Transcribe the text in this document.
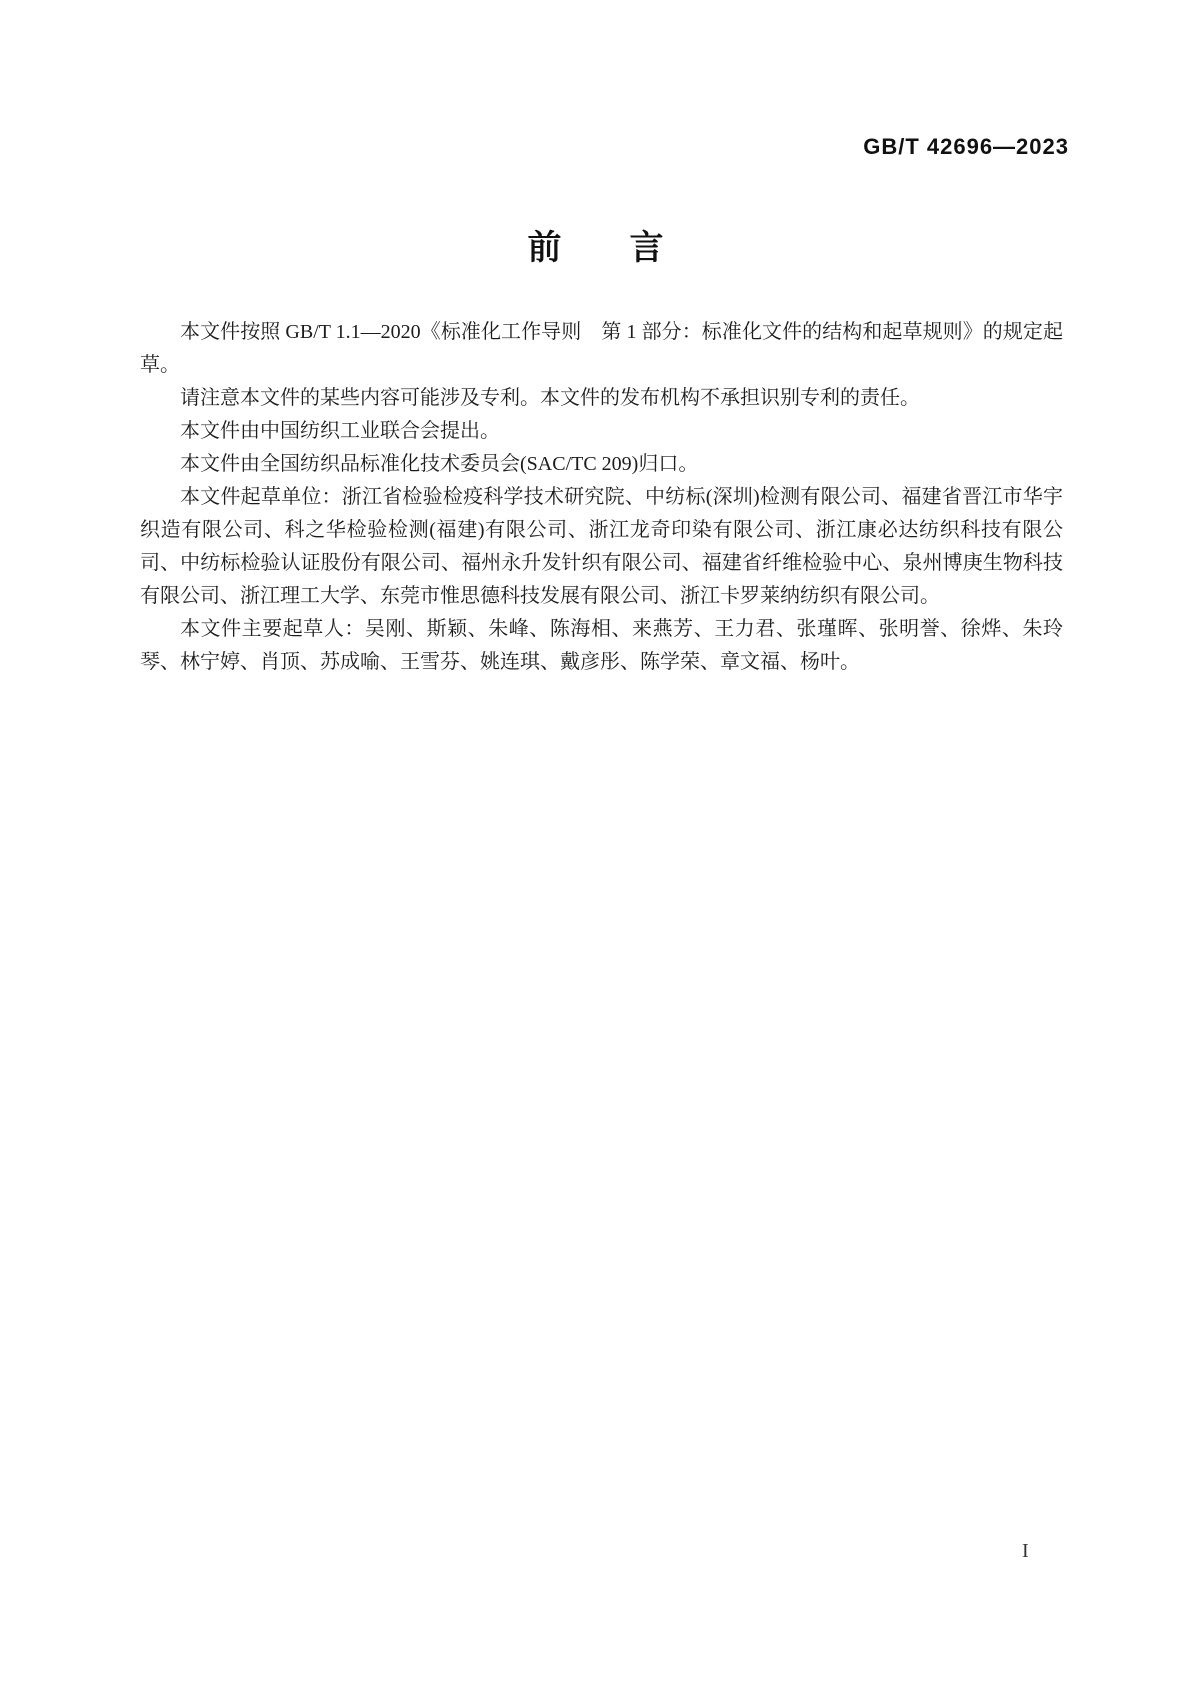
GB/T 42696—2023
前　　言

本文件按照 GB/T 1.1—2020《标准化工作导则　第 1 部分：标准化文件的结构和起草规则》的规定起草。

请注意本文件的某些内容可能涉及专利。本文件的发布机构不承担识别专利的责任。

本文件由中国纺织工业联合会提出。

本文件由全国纺织品标准化技术委员会(SAC/TC 209)归口。

本文件起草单位：浙江省检验检疫科学技术研究院、中纺标(深圳)检测有限公司、福建省晋江市华宇织造有限公司、科之华检验检测(福建)有限公司、浙江龙奇印染有限公司、浙江康必达纺织科技有限公司、中纺标检验认证股份有限公司、福州永升发针织有限公司、福建省纤维检验中心、泉州博庚生物科技有限公司、浙江理工大学、东莞市惟思德科技发展有限公司、浙江卡罗莱纳纺织有限公司。

本文件主要起草人：吴刚、斯颖、朱峰、陈海相、来燕芳、王力君、张瑾晖、张明誉、徐烨、朱玲琴、林宁婷、肖顶、苏成喻、王雪芬、姚连琪、戴彦彤、陈学荣、章文福、杨叶。

I
